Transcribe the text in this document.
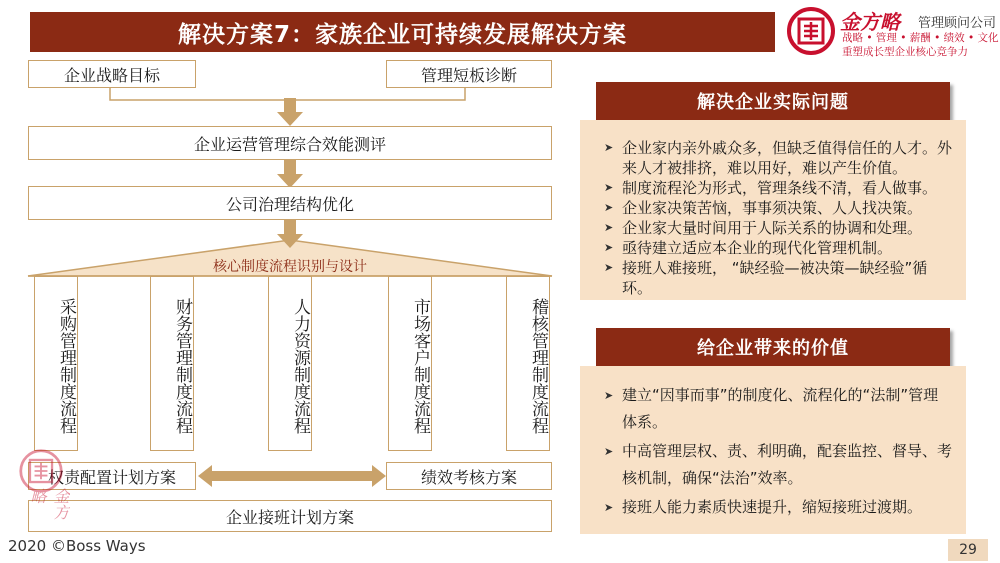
解决方案7：家族企业可持续发展解决方案	金方略 管理顾问公司
战略 • 管理 • 薪酬 • 绩效 • 文化
重塑成长型企业核心竞争力
企业战略目标	管理短板诊断
企业运营管理综合效能测评
公司治理结构优化
核心制度流程识别与设计
采购管理制度流程	财务管理制度流程	人力资源制度流程	市场客户制度流程	稽核管理制度流程
权责配置计划方案	绩效考核方案
企业接班计划方案
金方略
解决企业实际问题
➤ 企业家内亲外戚众多，但缺乏值得信任的人才。外来人才被排挤，难以用好，难以产生价值。
➤ 制度流程沦为形式，管理条线不清，看人做事。
➤ 企业家决策苦恼，事事须决策、人人找决策。
➤ 企业家大量时间用于人际关系的协调和处理。
➤ 亟待建立适应本企业的现代化管理机制。
➤ 接班人难接班， “缺经验—被决策—缺经验”循环。
给企业带来的价值
➤ 建立“因事而事”的制度化、流程化的“法制”管理体系。
➤ 中高管理层权、责、利明确，配套监控、督导、考核机制，确保“法治”效率。
➤ 接班人能力素质快速提升，缩短接班过渡期。
2020 ©Boss Ways	29
